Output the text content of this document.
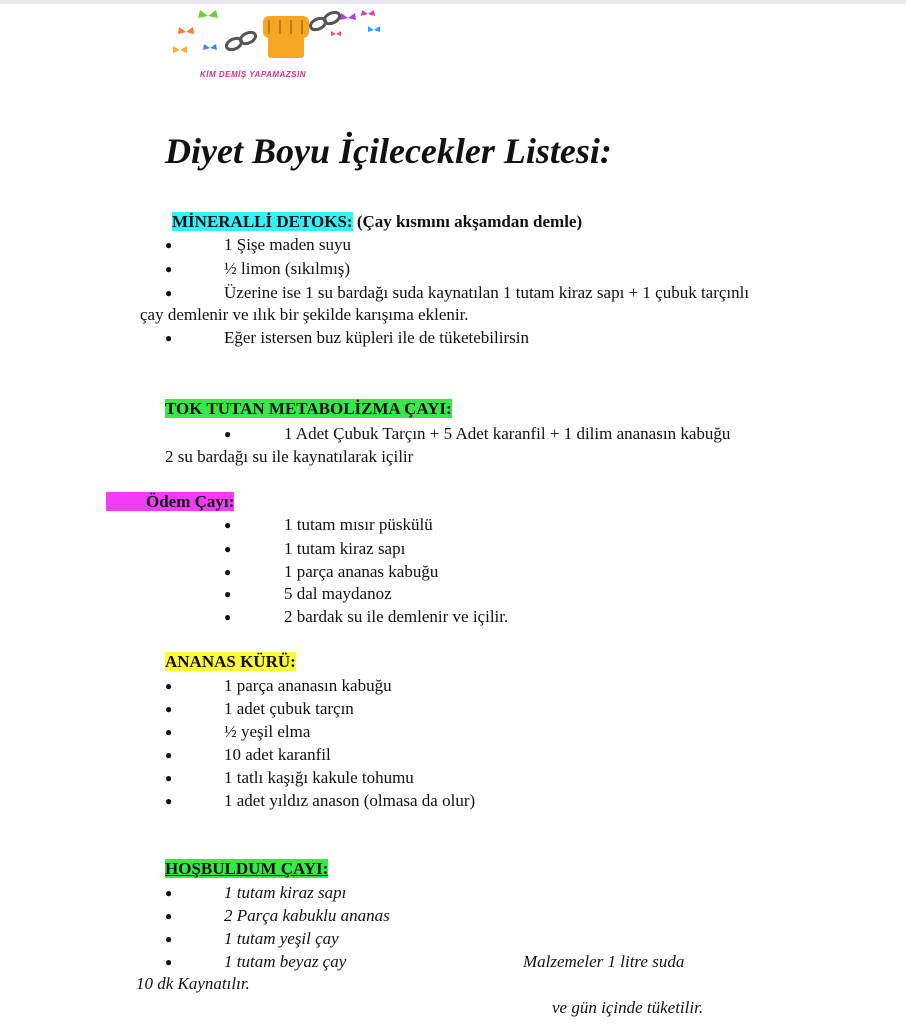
KİM DEMİŞ YAPAMAZSIN
Diyet Boyu İçilecekler Listesi:
MİNERALLİ DETOKS: (Çay kısmını akşamdan demle)
●	1 Şişe maden suyu
●	½ limon (sıkılmış)
●	Üzerine ise 1 su bardağı suda kaynatılan 1 tutam kiraz sapı + 1 çubuk tarçınlı
çay demlenir ve ılık bir şekilde karışıma eklenir.
●	Eğer istersen buz küpleri ile de tüketebilirsin
TOK TUTAN METABOLİZMA ÇAYI:
●	1 Adet Çubuk Tarçın + 5 Adet karanfil + 1 dilim ananasın kabuğu
2 su bardağı su ile kaynatılarak içilir
Ödem Çayı:
●	1 tutam mısır püskülü
●	1 tutam kiraz sapı
●	1 parça ananas kabuğu
●	5 dal maydanoz
●	2 bardak su ile demlenir ve içilir.
ANANAS KÜRÜ:
●	1 parça ananasın kabuğu
●	1 adet çubuk tarçın
●	½ yeşil elma
●	10 adet karanfil
●	1 tatlı kaşığı kakule tohumu
●	1 adet yıldız anason (olmasa da olur)
HOŞBULDUM ÇAYI:
●	1 tutam kiraz sapı
●	2 Parça kabuklu ananas
●	1 tutam yeşil çay
●	1 tutam beyaz çay	Malzemeler 1 litre suda
10 dk Kaynatılır.
ve gün içinde tüketilir.
